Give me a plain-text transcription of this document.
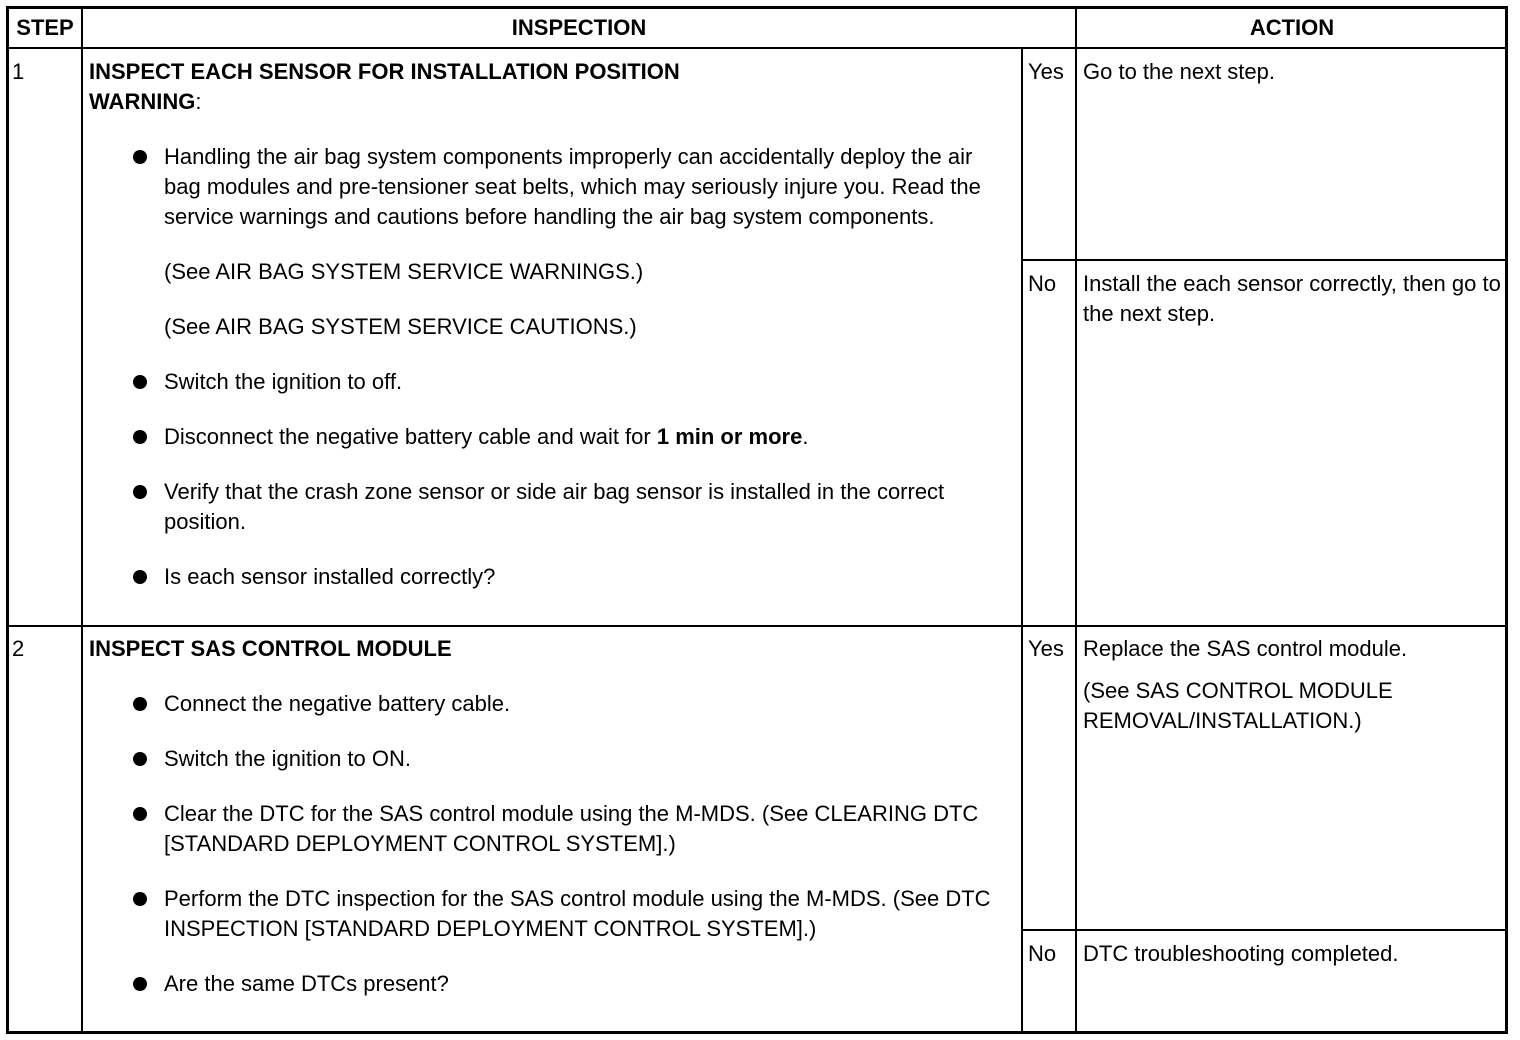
STEP	INSPECTION	ACTION
1	INSPECT EACH SENSOR FOR INSTALLATION POSITION
WARNING:
Handling the air bag system components improperly can accidentally deploy the air bag modules and pre-tensioner seat belts, which may seriously injure you. Read the service warnings and cautions before handling the air bag system components.
(See AIR BAG SYSTEM SERVICE WARNINGS.)
(See AIR BAG SYSTEM SERVICE CAUTIONS.)
Switch the ignition to off.
Disconnect the negative battery cable and wait for 1 min or more.
Verify that the crash zone sensor or side air bag sensor is installed in the correct position.
Is each sensor installed correctly?
Yes Go to the next step.
No Install the each sensor correctly, then go to the next step.
2	INSPECT SAS CONTROL MODULE
Connect the negative battery cable.
Switch the ignition to ON.
Clear the DTC for the SAS control module using the M-MDS. (See CLEARING DTC [STANDARD DEPLOYMENT CONTROL SYSTEM].)
Perform the DTC inspection for the SAS control module using the M-MDS. (See DTC INSPECTION [STANDARD DEPLOYMENT CONTROL SYSTEM].)
Are the same DTCs present?
Yes Replace the SAS control module.
(See SAS CONTROL MODULE REMOVAL/INSTALLATION.)
No DTC troubleshooting completed.
